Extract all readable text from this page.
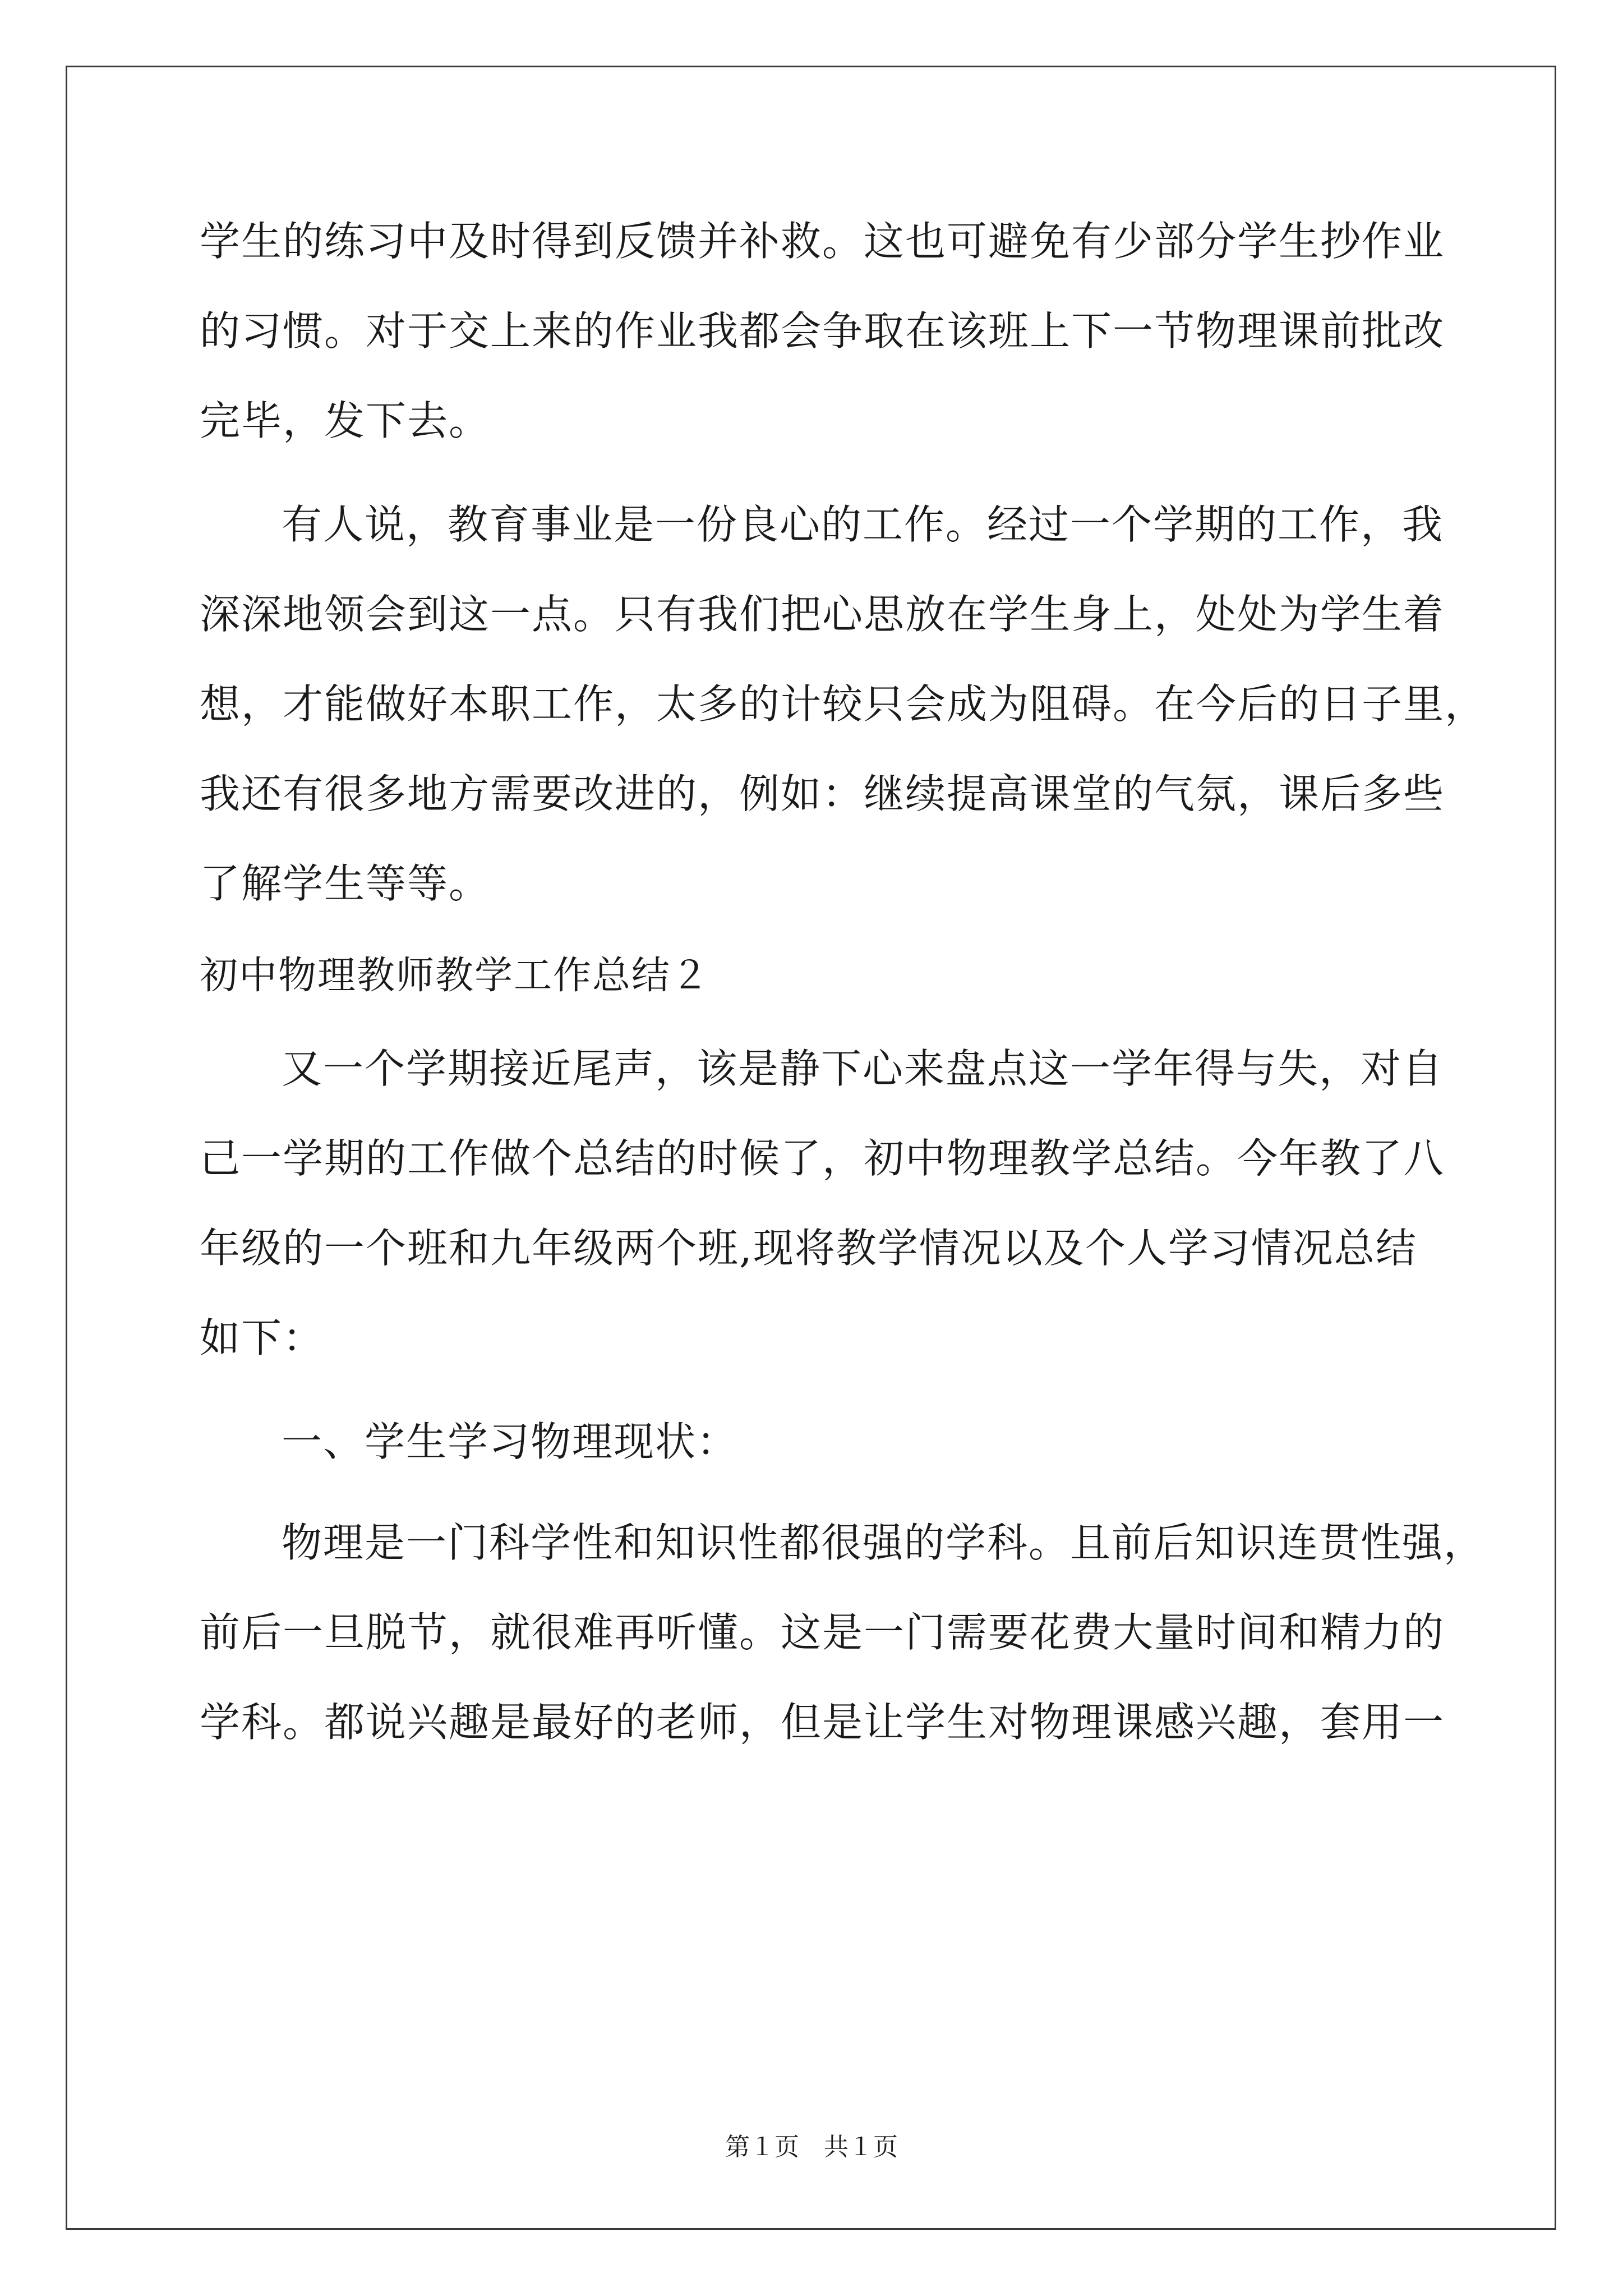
学生的练习中及时得到反馈并补救。这也可避免有少部分学生抄作业
的习惯。对于交上来的作业我都会争取在该班上下一节物理课前批改
完毕，发下去。
有人说，教育事业是一份良心的工作。经过一个学期的工作，我
深深地领会到这一点。只有我们把心思放在学生身上，处处为学生着
想，才能做好本职工作，太多的计较只会成为阻碍。在今后的日子里，
我还有很多地方需要改进的，例如：继续提高课堂的气氛，课后多些
了解学生等等。
初中物理教师教学工作总结２
又一个学期接近尾声，该是静下心来盘点这一学年得与失，对自
己一学期的工作做个总结的时候了，初中物理教学总结。今年教了八
年级的一个班和九年级两个班,现将教学情况以及个人学习情况总结
如下：
一、学生学习物理现状：
物理是一门科学性和知识性都很强的学科。且前后知识连贯性强，
前后一旦脱节，就很难再听懂。这是一门需要花费大量时间和精力的
学科。都说兴趣是最好的老师，但是让学生对物理课感兴趣，套用一
第１页　共１页
